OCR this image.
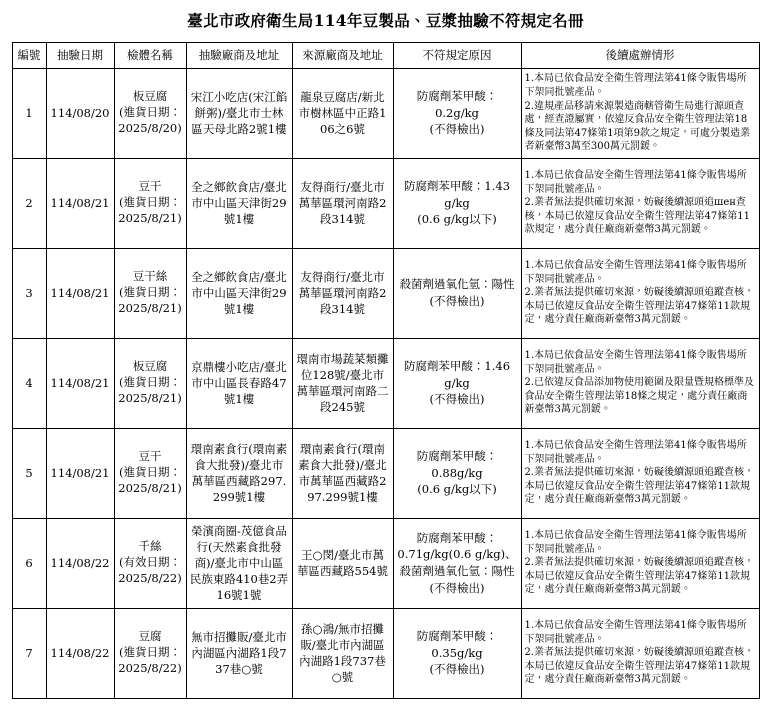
臺北市政府衛生局114年豆製品、豆漿抽驗不符規定名冊
編號	抽驗日期	檢體名稱	抽驗廠商及地址	來源廠商及地址	不符規定原因	後續處辦情形
1	114/08/20	板豆腐
(進貨日期：2025/8/20)	宋江小吃店(宋江餡餅粥)/臺北市士林區天母北路2號1樓	龍泉豆腐店/新北市樹林區中正路106之6號	防腐劑苯甲酸：0.2g/kg
(不得檢出)	1.本局已依食品安全衛生管理法第41條令販售場所下架同批號產品。
2.違規產品移請來源製造商轄管衛生局進行源頭查處，經查證屬實，依違反食品安全衛生管理法第18條及同法第47條第1項第9款之規定，可處分製造業者新臺幣3萬至300萬元罰鍰。

2	114/08/21	豆干
(進貨日期：2025/8/21)	全之鄉飲食店/臺北市中山區天津街29號1樓	友得商行/臺北市萬華區環河南路2段314號	防腐劑苯甲酸：1.43 g/kg
(0.6 g/kg以下)	1.本局已依食品安全衛生管理法第41條令販售場所下架同批號產品。
2.業者無法提供確切來源，妨礙後續源頭追шен查核，本局已依違反食品安全衛生管理法第47條第11款規定，處分責任廠商新臺幣3萬元罰鍰。

3	114/08/21	豆干絲
(進貨日期：2025/8/21)	全之鄉飲食店/臺北市中山區天津街29號1樓	友得商行/臺北市萬華區環河南路2段314號	殺菌劑過氧化氫：陽性
(不得檢出)	1.本局已依食品安全衛生管理法第41條令販售場所下架同批號產品。
2.業者無法提供確切來源，妨礙後續源頭追蹤查核，本局已依違反食品安全衛生管理法第47條第11款規定，處分責任廠商新臺幣3萬元罰鍰。

4	114/08/21	板豆腐
(進貨日期：2025/8/21)	京鼎樓小吃店/臺北市中山區長春路47號1樓	環南市場蔬菜類攤位128號/臺北市萬華區環河南路二段245號	防腐劑苯甲酸：1.46 g/kg
(不得檢出)	1.本局已依食品安全衛生管理法第41條令販售場所下架同批號產品。
2.已依違反食品添加物使用範圍及限量暨規格標準及食品安全衛生管理法第18條之規定，處分責任廠商新臺幣3萬元罰鍰。

5	114/08/21	豆干
(進貨日期：2025/8/21)	環南素食行(環南素食大批發)/臺北市萬華區西藏路297.299號1樓	環南素食行(環南素食大批發)/臺北市萬華區西藏路297.299號1樓	防腐劑苯甲酸：0.88g/kg
(0.6 g/kg以下)	1.本局已依食品安全衛生管理法第41條令販售場所下架同批號產品。
2.業者無法提供確切來源，妨礙後續源頭追蹤查核，本局已依違反食品安全衛生管理法第47條第11款規定，處分責任廠商新臺幣3萬元罰鍰。

6	114/08/22	千絲
(有效日期：2025/8/22)	榮濱商圈-茂億食品行(天然素食批發商)/臺北市中山區民族東路410巷2弄16號1號	王○閔/臺北市萬華區西藏路554號	防腐劑苯甲酸：
0.71g/kg(0.6 g/kg)、
殺菌劑過氧化氫：陽性
(不得檢出)	1.本局已依食品安全衛生管理法第41條令販售場所下架同批號產品。
2.業者無法提供確切來源，妨礙後續源頭追蹤查核，本局已依違反食品安全衛生管理法第47條第11款規定，處分責任廠商新臺幣3萬元罰鍰。

7	114/08/22	豆腐
(進貨日期：2025/8/22)	無市招攤販/臺北市內湖區內湖路1段737巷○號	孫○鴻/無市招攤販/臺北市內湖區內湖路1段737巷○號	防腐劑苯甲酸：0.35g/kg
(不得檢出)	1.本局已依食品安全衛生管理法第41條令販售場所下架同批號產品。
2.業者無法提供確切來源，妨礙後續源頭追蹤查核，本局已依違反食品安全衛生管理法第47條第11款規定，處分責任廠商新臺幣3萬元罰鍰。
